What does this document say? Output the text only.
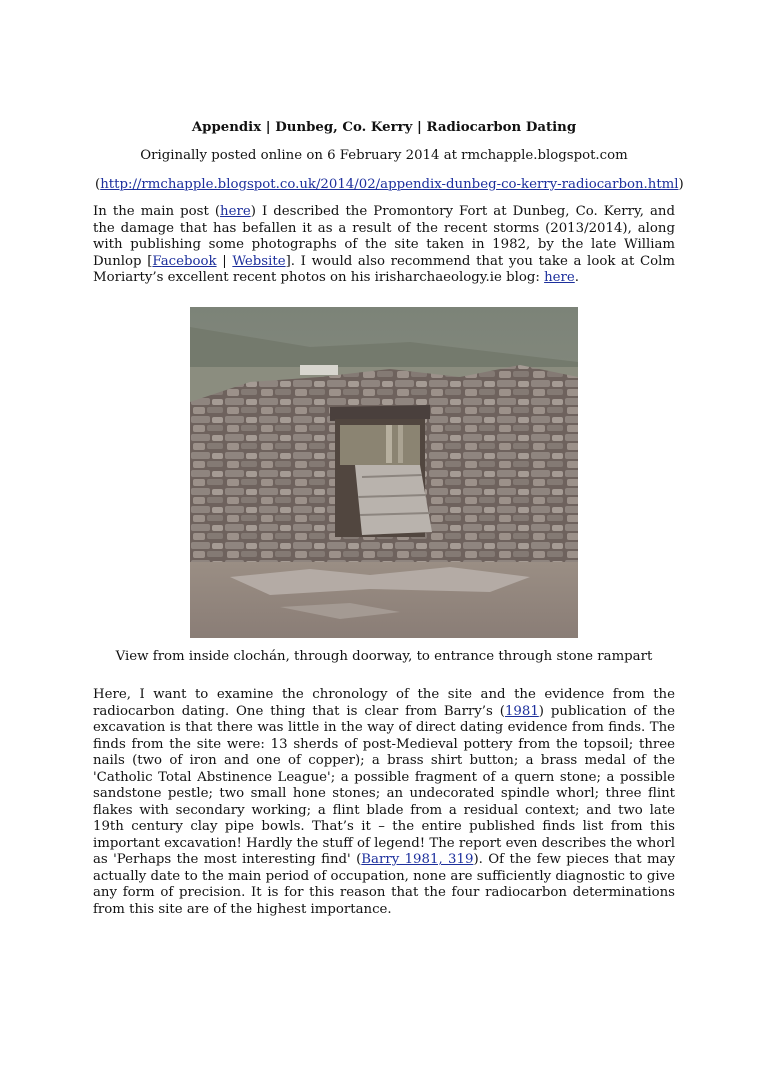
Appendix | Dunbeg, Co. Kerry | Radiocarbon Dating
Originally posted online on 6 February 2014 at rmchapple.blogspot.com
(http://rmchapple.blogspot.co.uk/2014/02/appendix-dunbeg-co-kerry-radiocarbon.html)

In the main post (here) I described the Promontory Fort at Dunbeg, Co. Kerry, and the damage that has befallen it as a result of the recent storms (2013/2014), along with publishing some photographs of the site taken in 1982, by the late William Dunlop [Facebook | Website]. I would also recommend that you take a look at Colm Moriarty’s excellent recent photos on his irisharchaeology.ie blog: here.

View from inside clochán, through doorway, to entrance through stone rampart

Here, I want to examine the chronology of the site and the evidence from the radiocarbon dating. One thing that is clear from Barry’s (1981) publication of the excavation is that there was little in the way of direct dating evidence from finds. The finds from the site were: 13 sherds of post-Medieval pottery from the topsoil; three nails (two of iron and one of copper); a brass shirt button; a brass medal of the 'Catholic Total Abstinence League'; a possible fragment of a quern stone; a possible sandstone pestle; two small hone stones; an undecorated spindle whorl; three flint flakes with secondary working; a flint blade from a residual context; and two late 19th century clay pipe bowls. That’s it – the entire published finds list from this important excavation! Hardly the stuff of legend! The report even describes the whorl as 'Perhaps the most interesting find' (Barry 1981, 319). Of the few pieces that may actually date to the main period of occupation, none are sufficiently diagnostic to give any form of precision. It is for this reason that the four radiocarbon determinations from this site are of the highest importance.
